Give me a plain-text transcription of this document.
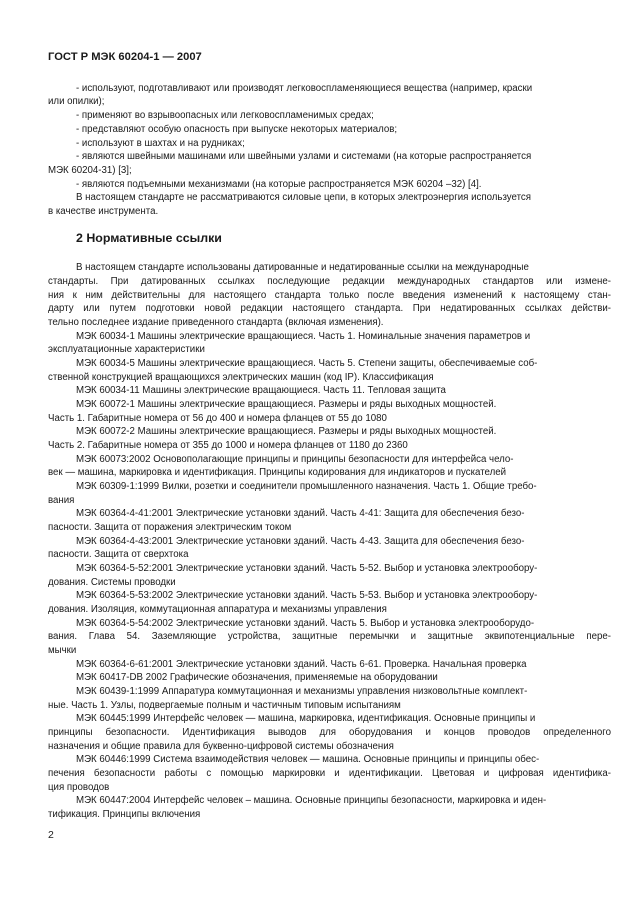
ГОСТ Р МЭК 60204-1 — 2007
- используют, подготавливают или производят легковоспламеняющиеся вещества (например, краски
или опилки);
- применяют во взрывоопасных или легковоспламенимых средах;
- представляют особую опасность при выпуске некоторых материалов;
- используют в шахтах и на рудниках;
- являются швейными машинами или швейными узлами и системами (на которые распространяется
МЭК 60204-31) [3];
- являются подъемными механизмами (на которые распространяется МЭК 60204 –32) [4].
В настоящем стандарте не рассматриваются силовые цепи, в которых электроэнергия используется
в качестве инструмента.
2 Нормативные ссылки
В настоящем стандарте использованы датированные и недатированные ссылки на международные
стандарты. При датированных ссылках последующие редакции международных стандартов или измене-
ния к ним действительны для настоящего стандарта только после введения изменений к настоящему стан-
дарту или путем подготовки новой редакции настоящего стандарта. При недатированных ссылках действи-
тельно последнее издание приведенного стандарта (включая изменения).
МЭК 60034-1 Машины электрические вращающиеся. Часть 1. Номинальные значения параметров и
эксплуатационные характеристики
МЭК 60034-5 Машины электрические вращающиеся. Часть 5. Степени защиты, обеспечиваемые соб-
ственной конструкцией вращающихся электрических машин (код IP). Классификация
МЭК 60034-11 Машины электрические вращающиеся. Часть 11. Тепловая защита
МЭК 60072-1 Машины электрические вращающиеся. Размеры и ряды выходных мощностей.
Часть 1. Габаритные номера от 56 до 400 и номера фланцев от 55 до 1080
МЭК 60072-2 Машины электрические вращающиеся. Размеры и ряды выходных мощностей.
Часть 2. Габаритные номера от 355 до 1000 и номера фланцев от 1180 до 2360
МЭК 60073:2002 Основополагающие принципы и принципы безопасности для интерфейса чело-
век — машина, маркировка и идентификация. Принципы кодирования для индикаторов и пускателей
МЭК 60309-1:1999 Вилки, розетки и соединители промышленного назначения. Часть 1. Общие требо-
вания
МЭК 60364-4-41:2001 Электрические установки зданий. Часть 4-41: Защита для обеспечения безо-
пасности. Защита от поражения электрическим током
МЭК 60364-4-43:2001 Электрические установки зданий. Часть 4-43. Защита для обеспечения безо-
пасности. Защита от сверхтока
МЭК 60364-5-52:2001 Электрические установки зданий. Часть 5-52. Выбор и установка электрообору-
дования. Системы проводки
МЭК 60364-5-53:2002 Электрические установки зданий. Часть 5-53. Выбор и установка электрообору-
дования. Изоляция, коммутационная аппаратура и механизмы управления
МЭК 60364-5-54:2002 Электрические установки зданий. Часть 5. Выбор и установка электрооборудо-
вания. Глава 54. Заземляющие устройства, защитные перемычки и защитные эквипотенциальные пере-
мычки
МЭК 60364-6-61:2001 Электрические установки зданий. Часть 6-61. Проверка. Начальная проверка
МЭК 60417-DB 2002 Графические обозначения, применяемые на оборудовании
МЭК 60439-1:1999 Аппаратура коммутационная и механизмы управления низковольтные комплект-
ные. Часть 1. Узлы, подвергаемые полным и частичным типовым испытаниям
МЭК 60445:1999 Интерфейс человек — машина, маркировка, идентификация. Основные принципы и
принципы безопасности. Идентификация выводов для оборудования и концов проводов определенного
назначения и общие правила для буквенно-цифровой системы обозначения
МЭК 60446:1999 Система взаимодействия человек — машина. Основные принципы и принципы обес-
печения безопасности работы с помощью маркировки и идентификации. Цветовая и цифровая идентифика-
ция проводов
МЭК 60447:2004 Интерфейс человек – машина. Основные принципы безопасности, маркировка и иден-
тификация. Принципы включения
2
